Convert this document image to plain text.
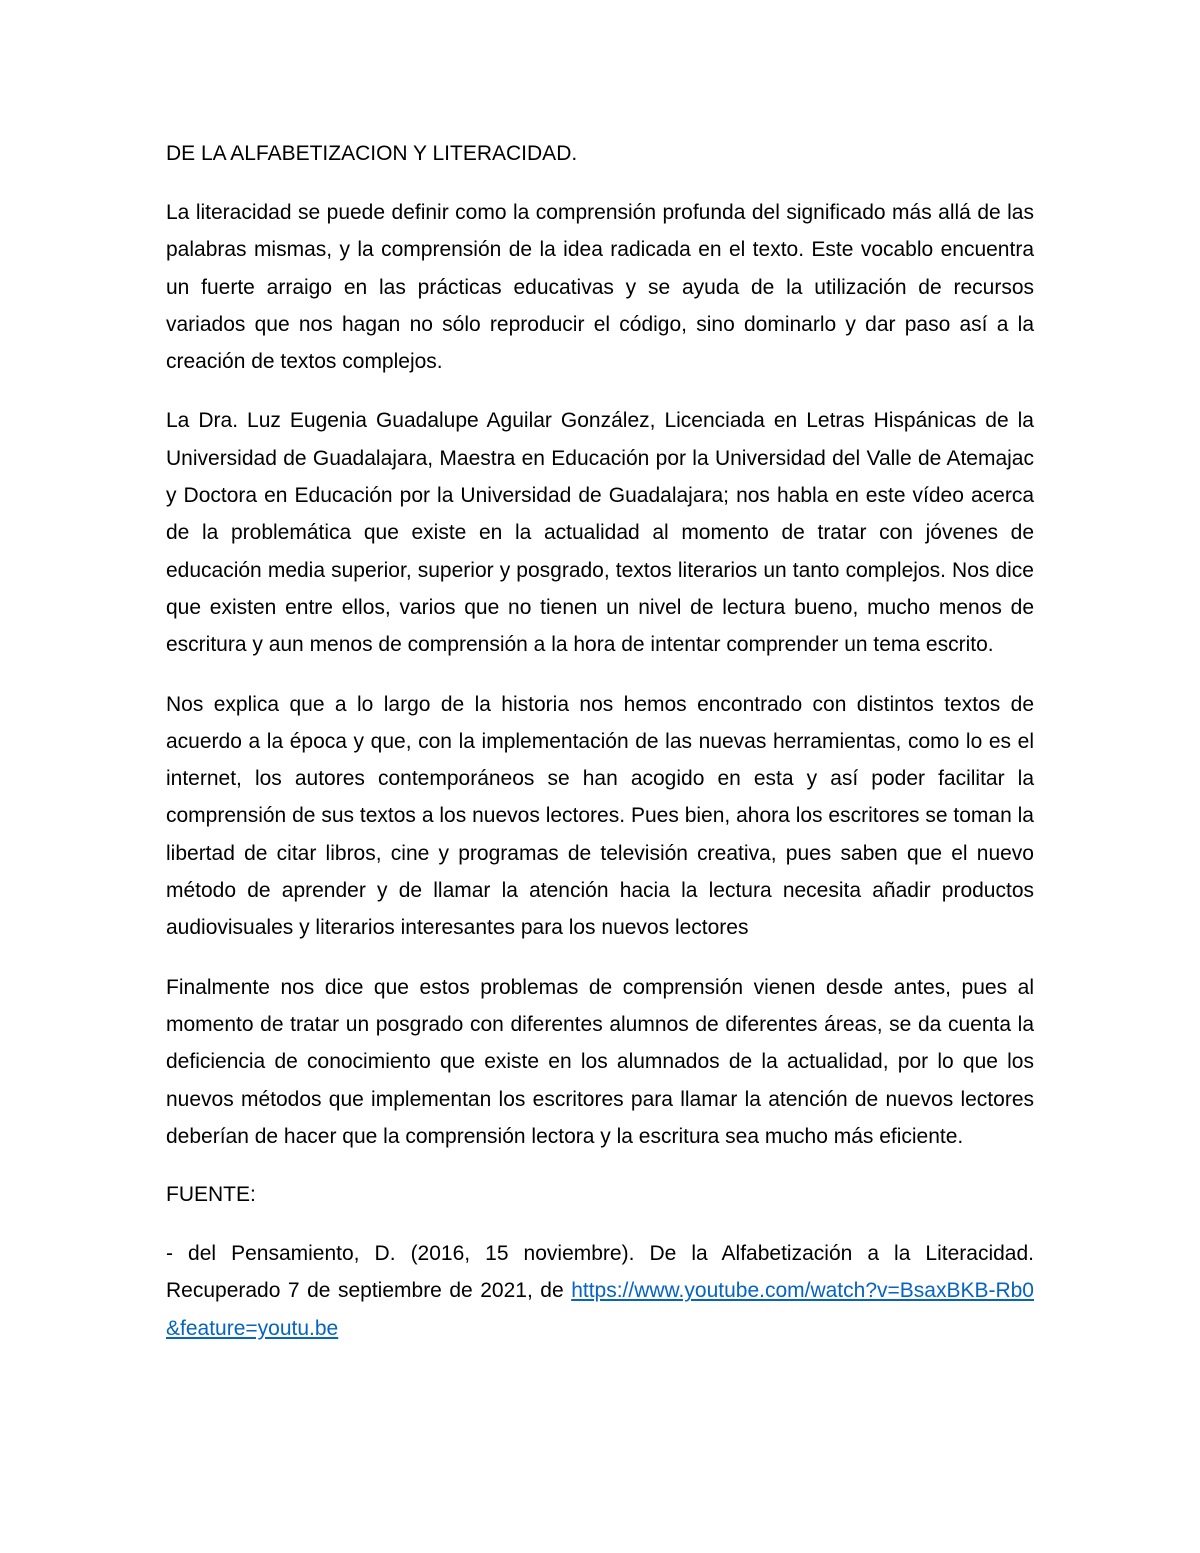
DE LA ALFABETIZACION Y LITERACIDAD.

La literacidad se puede definir como la comprensión profunda del significado más allá de las palabras mismas, y la comprensión de la idea radicada en el texto. Este vocablo encuentra un fuerte arraigo en las prácticas educativas y se ayuda de la utilización de recursos variados que nos hagan no sólo reproducir el código, sino dominarlo y dar paso así a la creación de textos complejos.

La Dra. Luz Eugenia Guadalupe Aguilar González, Licenciada en Letras Hispánicas de la Universidad de Guadalajara, Maestra en Educación por la Universidad del Valle de Atemajac y Doctora en Educación por la Universidad de Guadalajara; nos habla en este vídeo acerca de la problemática que existe en la actualidad al momento de tratar con jóvenes de educación media superior, superior y posgrado, textos literarios un tanto complejos. Nos dice que existen entre ellos, varios que no tienen un nivel de lectura bueno, mucho menos de escritura y aun menos de comprensión a la hora de intentar comprender un tema escrito.

Nos explica que a lo largo de la historia nos hemos encontrado con distintos textos de acuerdo a la época y que, con la implementación de las nuevas herramientas, como lo es el internet, los autores contemporáneos se han acogido en esta y así poder facilitar la comprensión de sus textos a los nuevos lectores. Pues bien, ahora los escritores se toman la libertad de citar libros, cine y programas de televisión creativa, pues saben que el nuevo método de aprender y de llamar la atención hacia la lectura necesita añadir productos audiovisuales y literarios interesantes para los nuevos lectores

Finalmente nos dice que estos problemas de comprensión vienen desde antes, pues al momento de tratar un posgrado con diferentes alumnos de diferentes áreas, se da cuenta la deficiencia de conocimiento que existe en los alumnados de la actualidad, por lo que los nuevos métodos que implementan los escritores para llamar la atención de nuevos lectores deberían de hacer que la comprensión lectora y la escritura sea mucho más eficiente.

FUENTE:

- del Pensamiento, D. (2016, 15 noviembre). De la Alfabetización a la Literacidad. Recuperado 7 de septiembre de 2021, de https://www.youtube.com/watch?v=BsaxBKB-Rb0&feature=youtu.be
